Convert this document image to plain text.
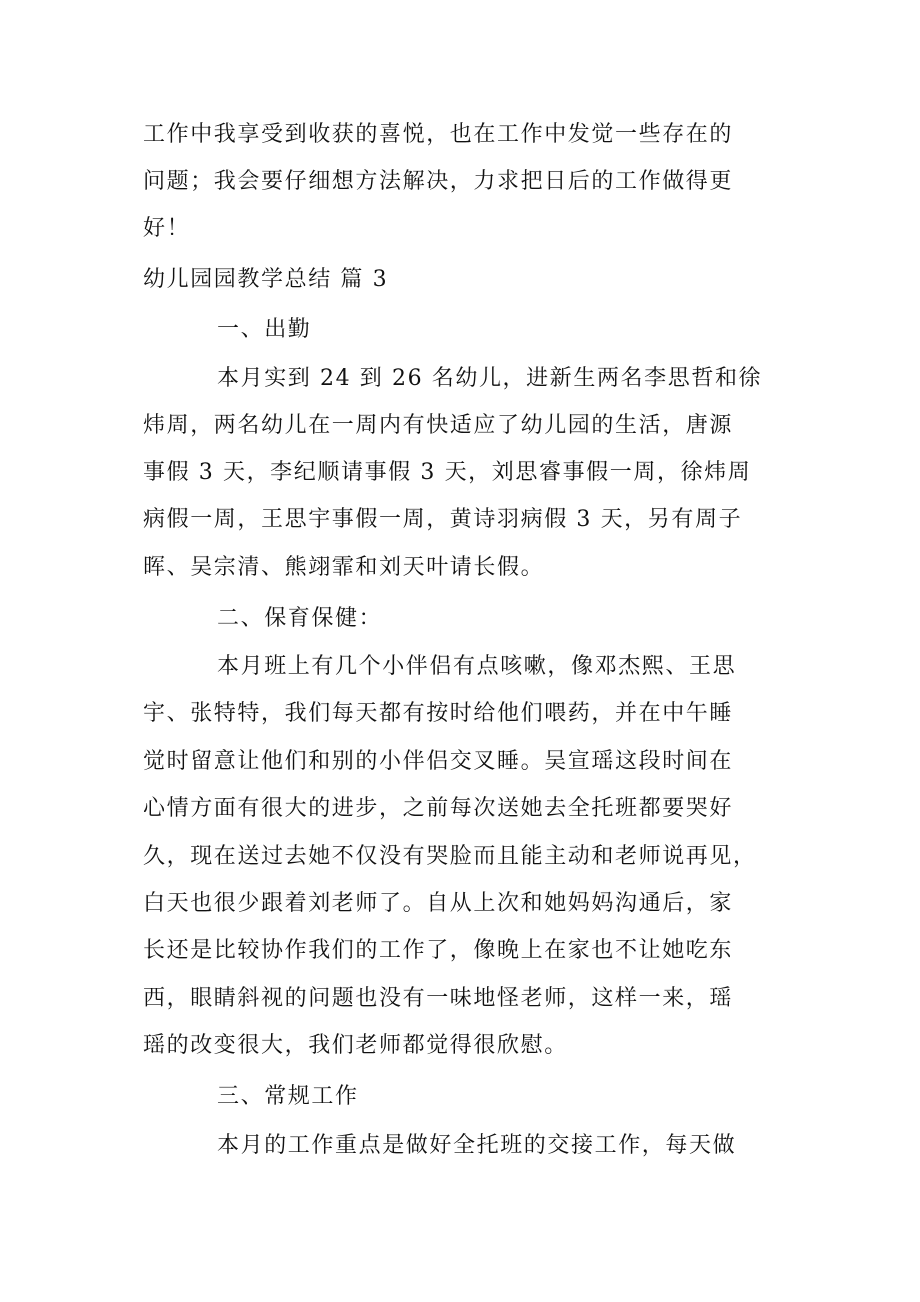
工作中我享受到收获的喜悦，也在工作中发觉一些存在的
问题；我会要仔细想方法解决，力求把日后的工作做得更
好！
幼儿园园教学总结 篇 3
一、出勤
本月实到 24 到 26 名幼儿，进新生两名李思哲和徐
炜周，两名幼儿在一周内有快适应了幼儿园的生活，唐源
事假 3 天，李纪顺请事假 3 天，刘思睿事假一周，徐炜周
病假一周，王思宇事假一周，黄诗羽病假 3 天，另有周子
晖、吴宗清、熊翊霏和刘天叶请长假。
二、保育保健：
本月班上有几个小伴侣有点咳嗽，像邓杰熙、王思
宇、张特特，我们每天都有按时给他们喂药，并在中午睡
觉时留意让他们和别的小伴侣交叉睡。吴宣瑶这段时间在
心情方面有很大的进步，之前每次送她去全托班都要哭好
久，现在送过去她不仅没有哭脸而且能主动和老师说再见，
白天也很少跟着刘老师了。自从上次和她妈妈沟通后，家
长还是比较协作我们的工作了，像晚上在家也不让她吃东
西，眼睛斜视的问题也没有一味地怪老师，这样一来，瑶
瑶的改变很大，我们老师都觉得很欣慰。
三、常规工作
本月的工作重点是做好全托班的交接工作，每天做
